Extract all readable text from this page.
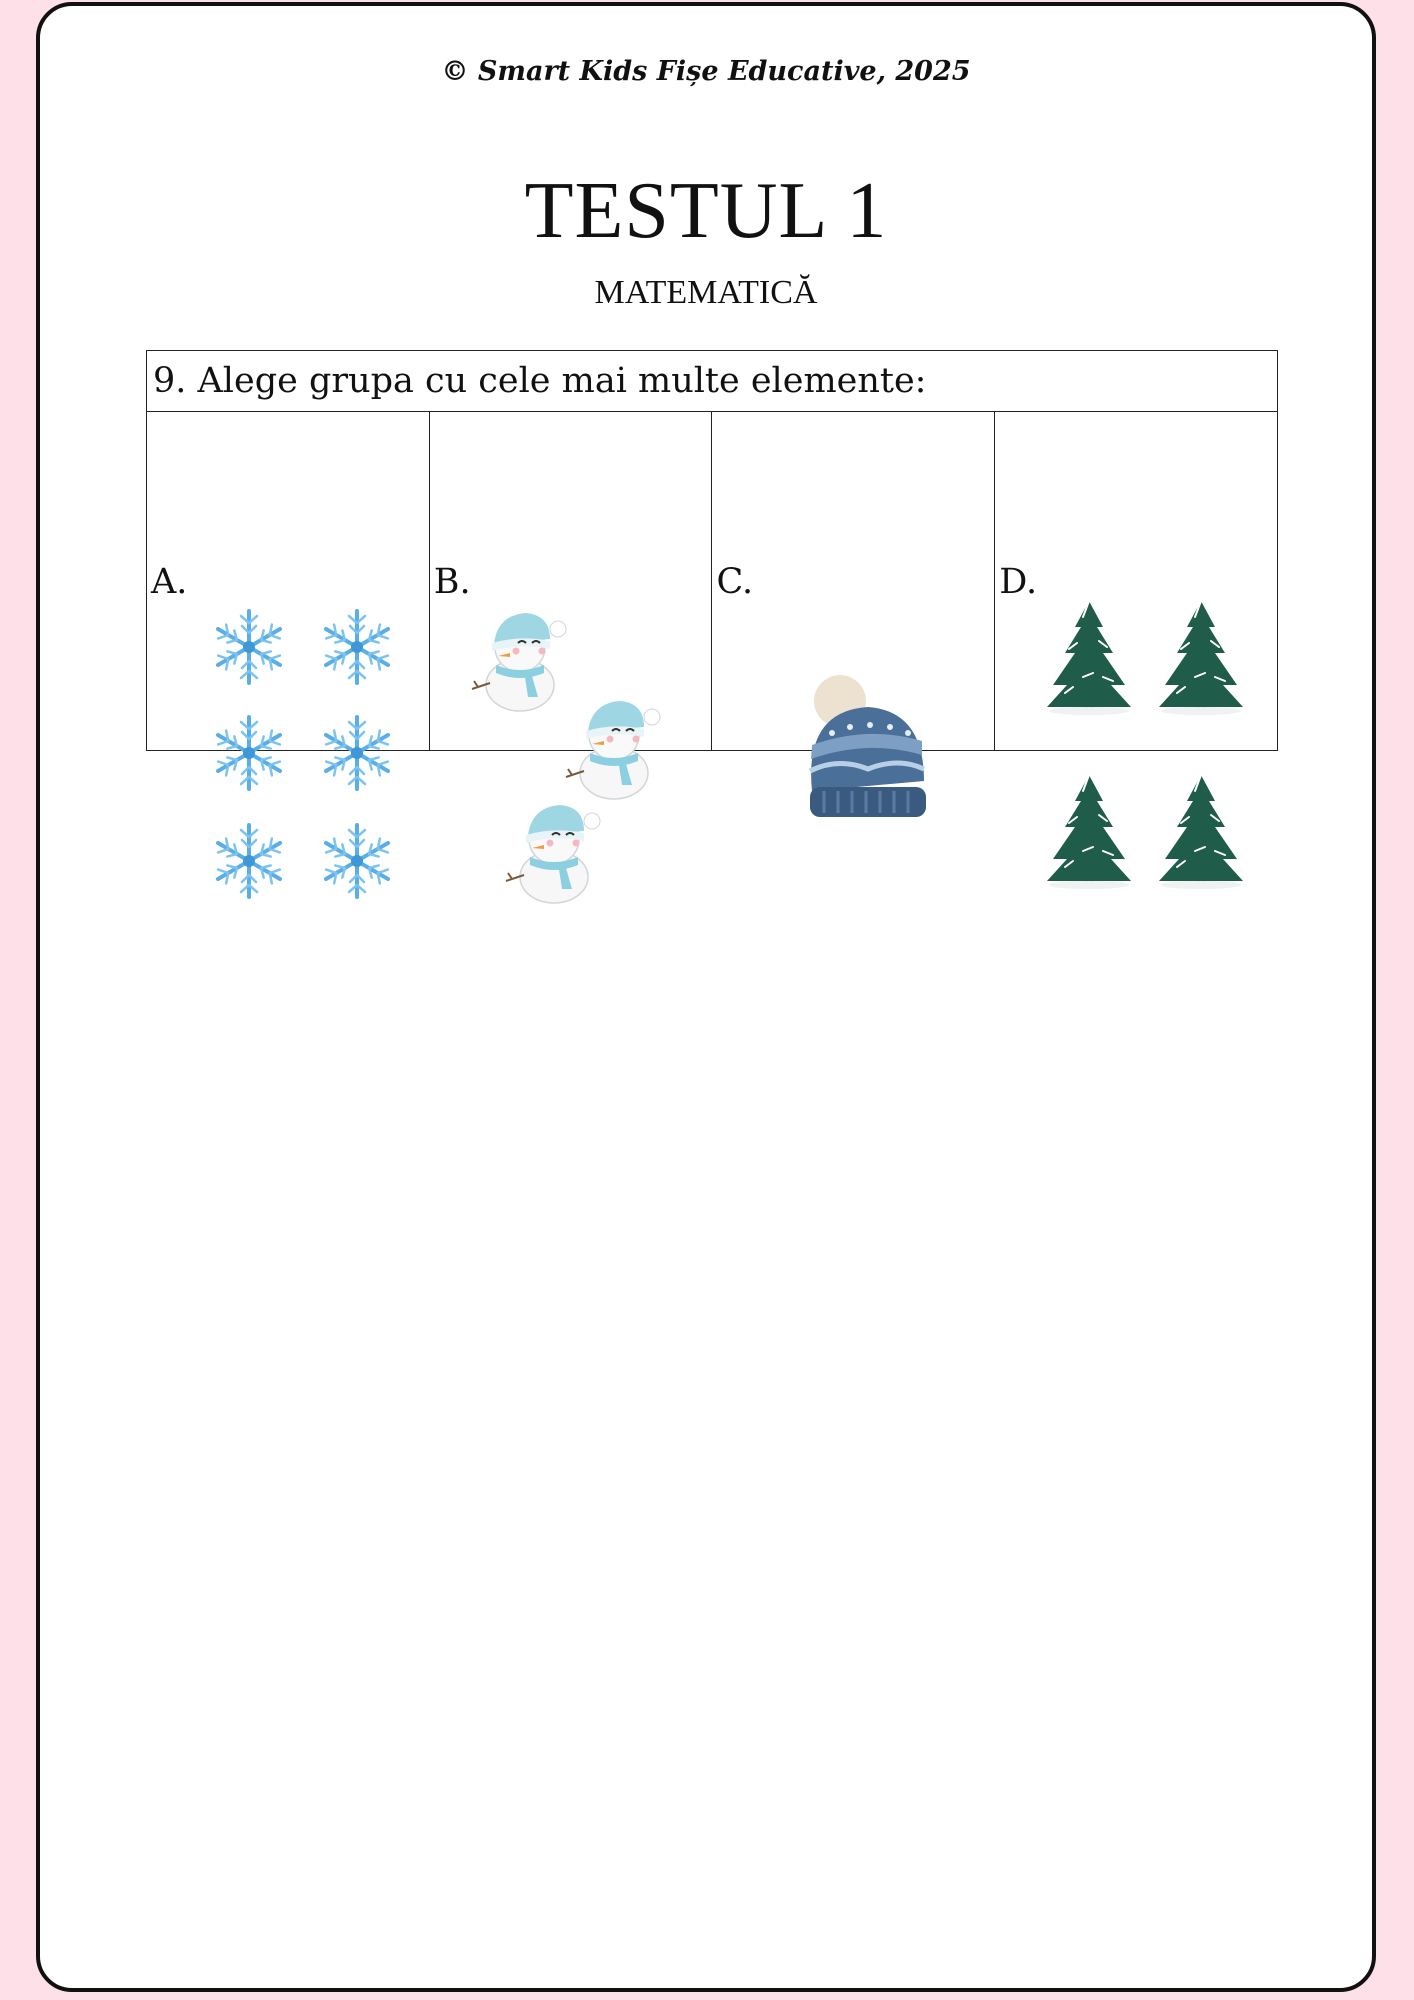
© Smart Kids Fișe Educative, 2025
TESTUL 1
MATEMATICĂ
9. Alege grupa cu cele mai multe elemente:

A.	B.	C.	D.
